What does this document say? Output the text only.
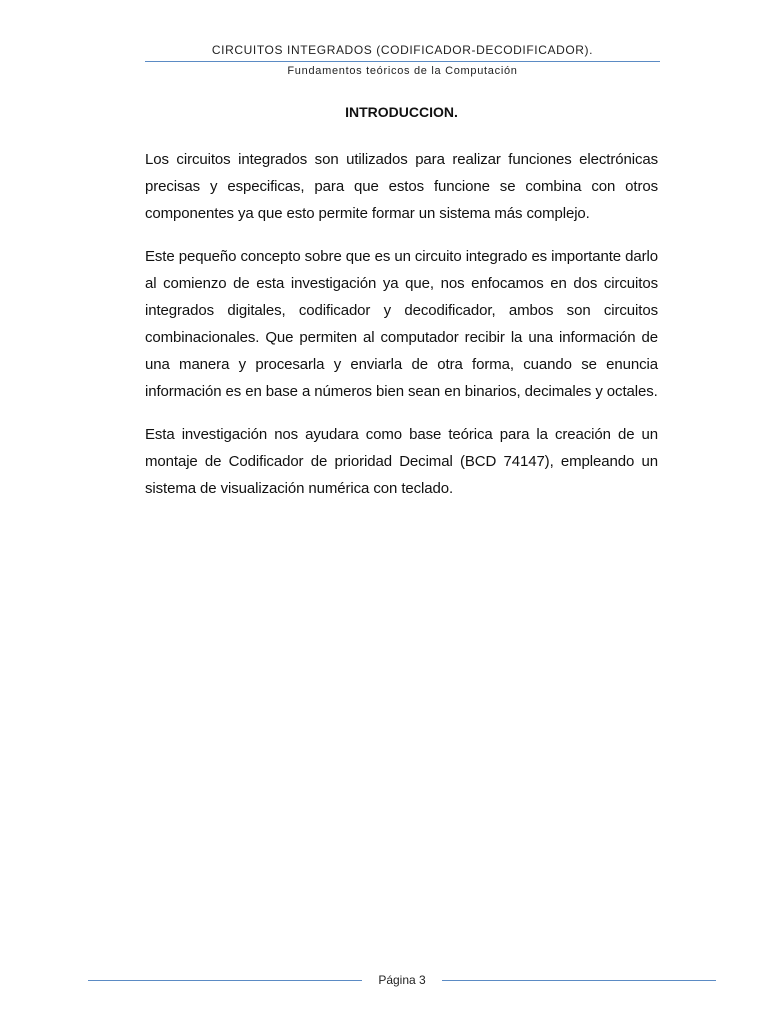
CIRCUITOS INTEGRADOS (CODIFICADOR-DECODIFICADOR).

Fundamentos teóricos de la Computación

INTRODUCCION.

Los circuitos integrados son utilizados para realizar funciones electrónicas precisas y especificas, para que estos funcione se combina con otros componentes ya que esto permite formar un sistema más complejo.

Este pequeño concepto sobre que es un circuito integrado es importante darlo al comienzo de esta investigación ya que, nos enfocamos en dos circuitos integrados digitales, codificador y decodificador, ambos son circuitos combinacionales. Que permiten al computador recibir la una información de una manera y procesarla y enviarla de otra forma, cuando se enuncia información es en base a números bien sean en binarios, decimales y octales.

Esta investigación nos ayudara como base teórica para la creación de un montaje de Codificador de prioridad Decimal (BCD 74147), empleando un sistema de visualización numérica con teclado.

Página 3
